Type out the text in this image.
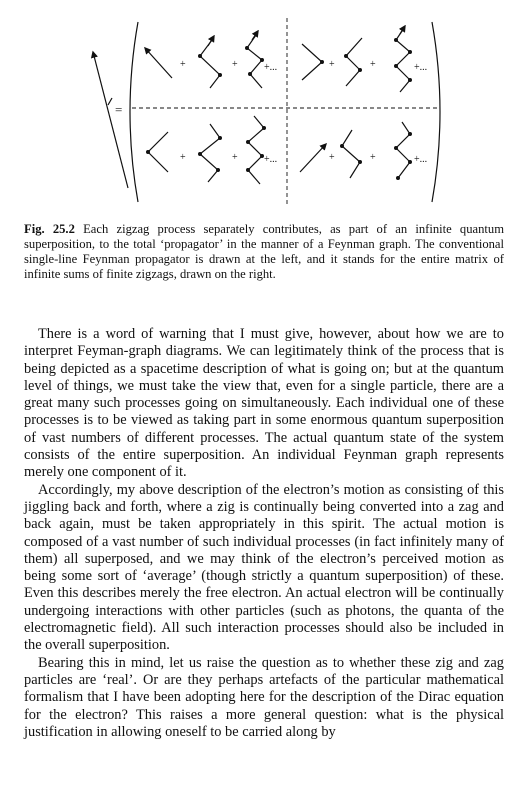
=
+	+	+...	+	+	+...
+	+	+...	+	+	+...
Fig. 25.2 Each zigzag process separately contributes, as part of an infinite quantum superposition, to the total ‘propagator’ in the manner of a Feynman graph. The conventional single-line Feynman propagator is drawn at the left, and it stands for the entire matrix of infinite sums of finite zigzags, drawn on the right.

There is a word of warning that I must give, however, about how we are to interpret Feyman-graph diagrams. We can legitimately think of the process that is being depicted as a spacetime description of what is going on; but at the quantum level of things, we must take the view that, even for a single particle, there are a great many such processes going on simultaneously. Each individual one of these processes is to be viewed as taking part in some enormous quantum superposition of vast numbers of different processes. The actual quantum state of the system consists of the entire superposition. An individual Feynman graph represents merely one component of it.

Accordingly, my above description of the electron’s motion as consisting of this jiggling back and forth, where a zig is continually being converted into a zag and back again, must be taken appropriately in this spirit. The actual motion is composed of a vast number of such individual processes (in fact infinitely many of them) all superposed, and we may think of the electron’s perceived motion as being some sort of ‘average’ (though strictly a quantum superposition) of these. Even this describes merely the free electron. An actual electron will be continually undergoing interactions with other particles (such as photons, the quanta of the electromagnetic field). All such interaction processes should also be included in the overall superposition.

Bearing this in mind, let us raise the question as to whether these zig and zag particles are ‘real’. Or are they perhaps artefacts of the particular mathematical formalism that I have been adopting here for the description of the Dirac equation for the electron? This raises a more general question: what is the physical justification in allowing oneself to be carried along by
